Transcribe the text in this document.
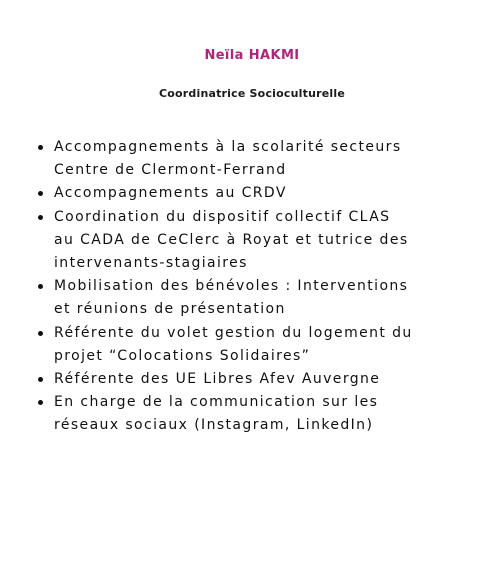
Neïla HAKMI
Coordinatrice Socioculturelle
Accompagnements à la scolarité secteurs
Centre de Clermont-Ferrand
Accompagnements au CRDV
Coordination du dispositif collectif CLAS
au CADA de CeClerc à Royat et tutrice des
intervenants-stagiaires
Mobilisation des bénévoles : Interventions
et réunions de présentation
Référente du volet gestion du logement du
projet “Colocations Solidaires”
Référente des UE Libres Afev Auvergne
En charge de la communication sur les
réseaux sociaux (Instagram, LinkedIn)
